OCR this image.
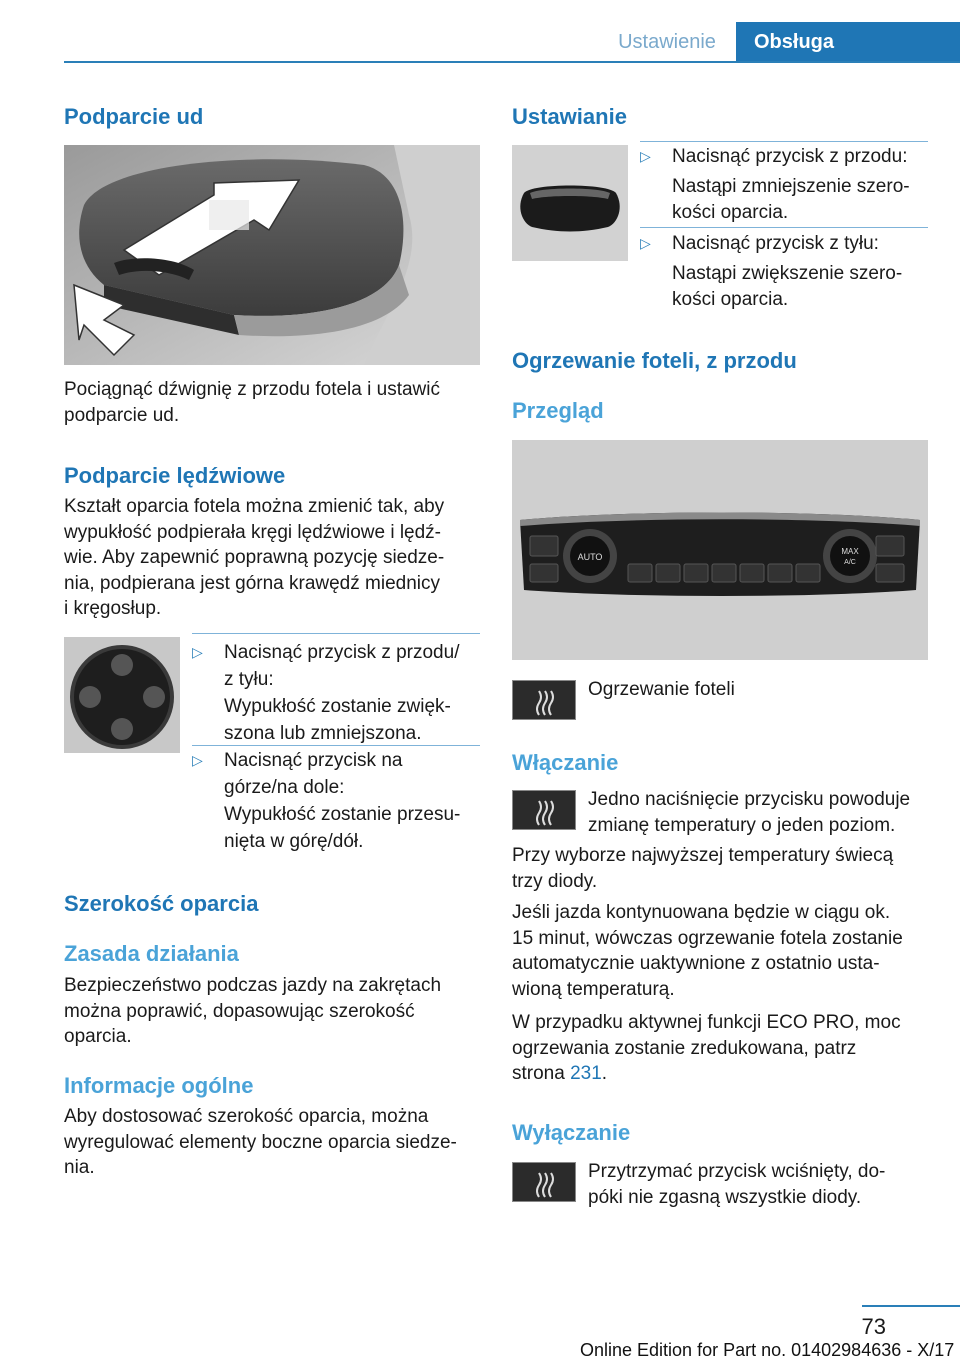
Ustawienie	Obsługa
Podparcie ud

Pociągnąć dźwignię z przodu fotela i ustawić
podparcie ud.

Podparcie lędźwiowe

Kształt oparcia fotela można zmienić tak, aby
wypukłość podpierała kręgi lędźwiowe i lędź‐
wie. Aby zapewnić poprawną pozycję siedze‐
nia, podpierana jest górna krawędź miednicy
i kręgosłup.

▷ Nacisnąć przycisk z przodu/
z tyłu:
Wypukłość zostanie zwięk‐
szona lub zmniejszona.
▷ Nacisnąć przycisk na
górze/na dole:
Wypukłość zostanie przesu‐
nięta w górę/dół.
Szerokość oparcia
Zasada działania

Bezpieczeństwo podczas jazdy na zakrętach
można poprawić, dopasowując szerokość
oparcia.

Informacje ogólne

Aby dostosować szerokość oparcia, można
wyregulować elementy boczne oparcia siedze‐
nia.

Ustawianie
▷ Nacisnąć przycisk z przodu:
Nastąpi zmniejszenie szero‐
kości oparcia.
▷ Nacisnąć przycisk z tyłu:
Nastąpi zwiększenie szero‐
kości oparcia.
Ogrzewanie foteli, z przodu
Przegląd
AUTO
MAX
A/C
Ogrzewanie foteli
Włączanie

Jedno naciśnięcie przycisku powoduje
zmianę temperatury o jeden poziom.

Przy wyborze najwyższej temperatury świecą
trzy diody.

Jeśli jazda kontynuowana będzie w ciągu ok.
15 minut, wówczas ogrzewanie fotela zostanie
automatycznie uaktywnione z ostatnio usta‐
wioną temperaturą.

W przypadku aktywnej funkcji ECO PRO, moc
ogrzewania zostanie zredukowana, patrz
strona 231.

Wyłączanie

Przytrzymać przycisk wciśnięty, do‐
póki nie zgasną wszystkie diody.

73
Online Edition for Part no. 01402984636 - X/17
